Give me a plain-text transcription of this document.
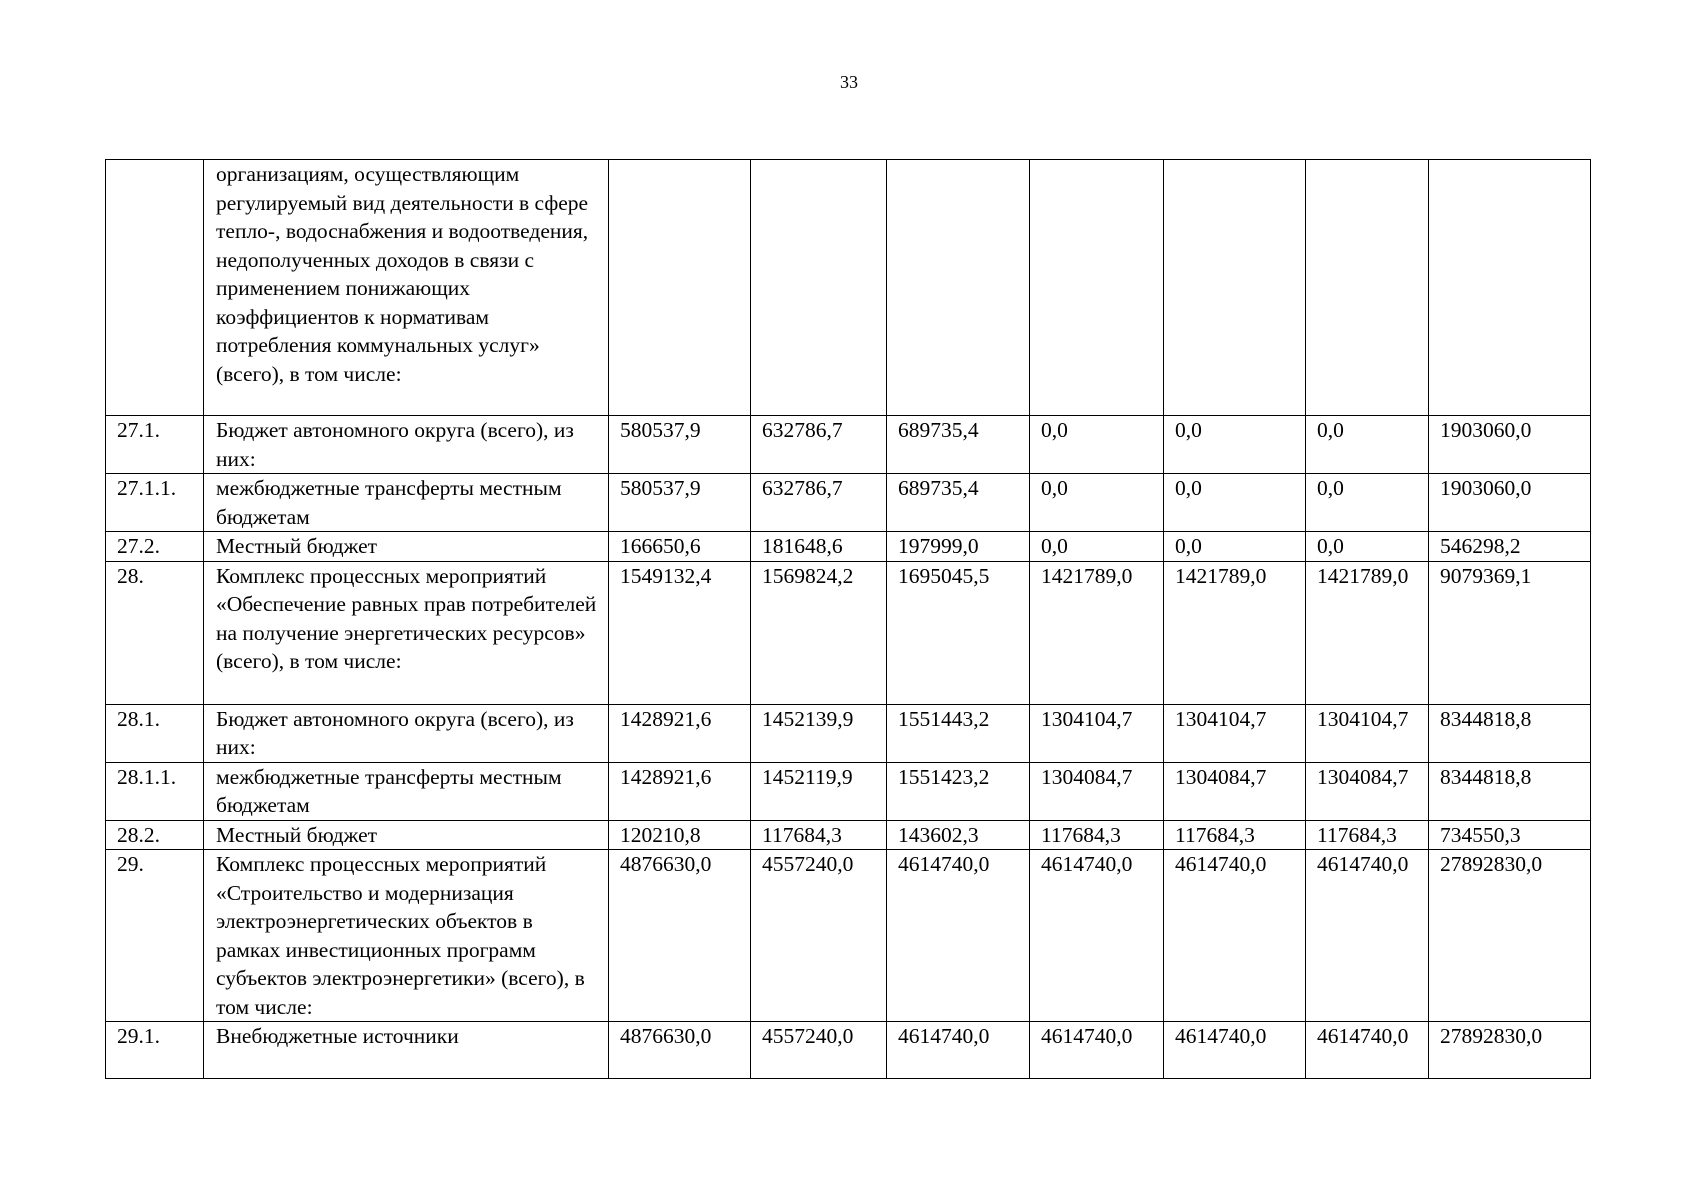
33
	организациям, осуществляющим регулируемый вид деятельности в сфере тепло-, водоснабжения и водоотведения, недополученных доходов в связи с применением понижающих коэффициентов к нормативам потребления коммунальных услуг» (всего), в том числе:							
27.1.	Бюджет автономного округа (всего), из них:	580537,9	632786,7	689735,4	0,0	0,0	0,0	1903060,0
27.1.1.	межбюджетные трансферты местным бюджетам	580537,9	632786,7	689735,4	0,0	0,0	0,0	1903060,0
27.2.	Местный бюджет	166650,6	181648,6	197999,0	0,0	0,0	0,0	546298,2
28.	Комплекс процессных мероприятий «Обеспечение равных прав потребителей на получение энергетических ресурсов» (всего), в том числе:	1549132,4	1569824,2	1695045,5	1421789,0	1421789,0	1421789,0	9079369,1
28.1.	Бюджет автономного округа (всего), из них:	1428921,6	1452139,9	1551443,2	1304104,7	1304104,7	1304104,7	8344818,8
28.1.1.	межбюджетные трансферты местным бюджетам	1428921,6	1452119,9	1551423,2	1304084,7	1304084,7	1304084,7	8344818,8
28.2.	Местный бюджет	120210,8	117684,3	143602,3	117684,3	117684,3	117684,3	734550,3
29.	Комплекс процессных мероприятий «Строительство и модернизация электроэнергетических объектов в рамках инвестиционных программ субъектов электроэнергетики» (всего), в том числе:	4876630,0	4557240,0	4614740,0	4614740,0	4614740,0	4614740,0	27892830,0
29.1.	Внебюджетные источники	4876630,0	4557240,0	4614740,0	4614740,0	4614740,0	4614740,0	27892830,0
